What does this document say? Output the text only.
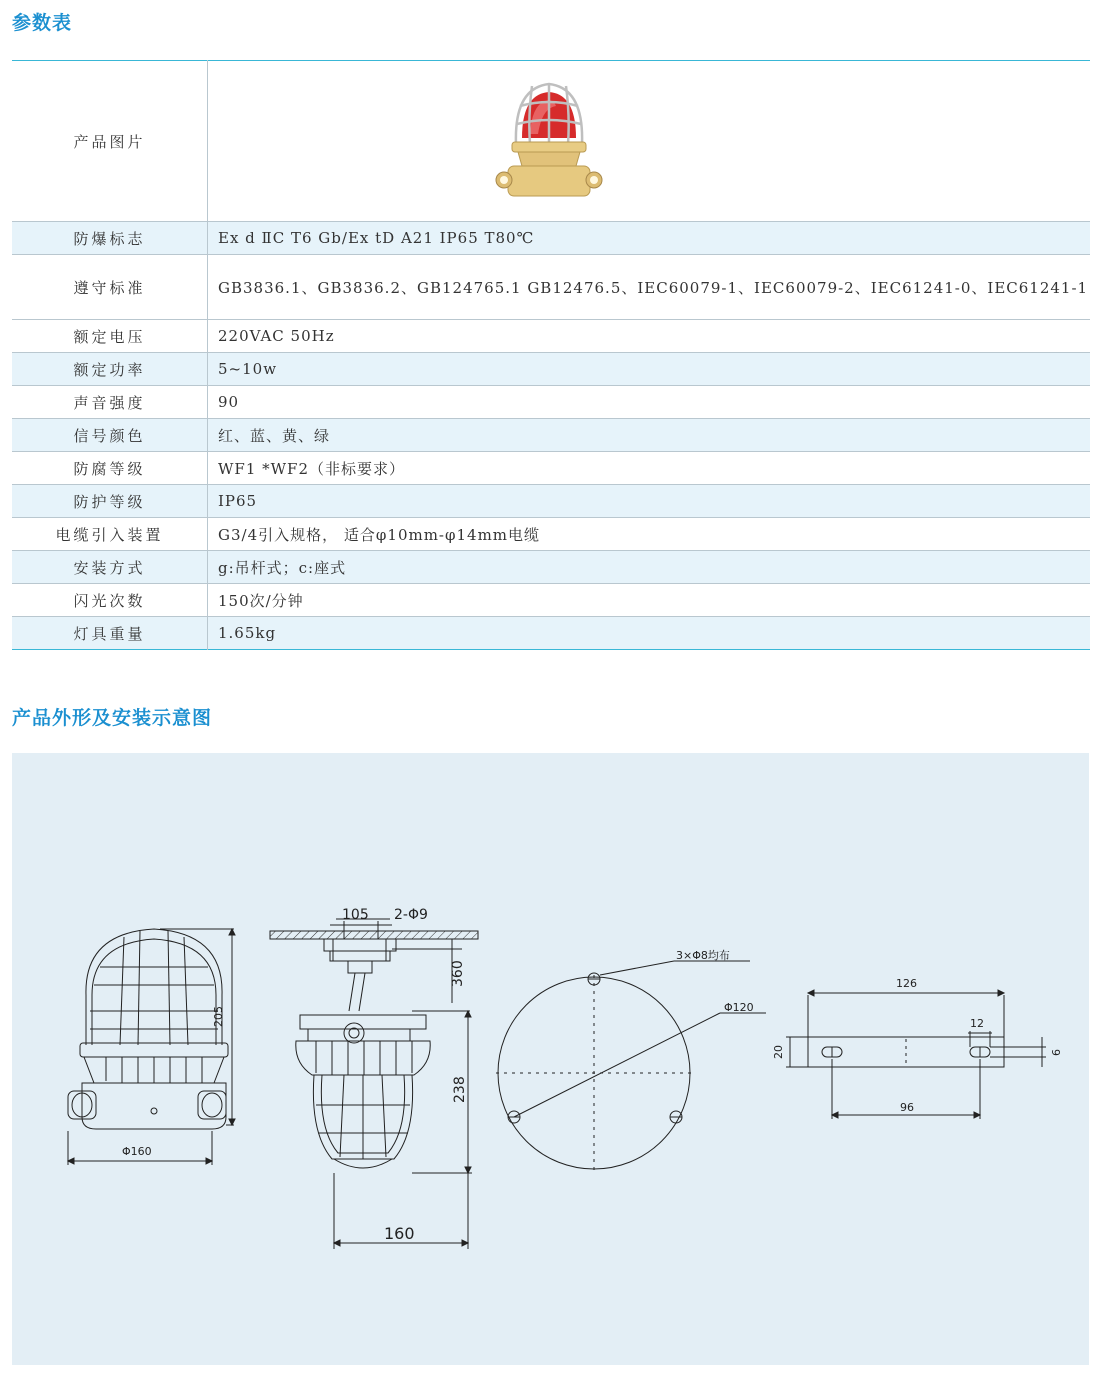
参数表
产品图片	
防爆标志	Ex d ⅡC T6 Gb/Ex tD A21 IP65 T80℃
遵守标准	GB3836.1、GB3836.2、GB124765.1 GB12476.5、IEC60079-1、IEC60079-2、IEC61241-0、IEC61241-1
额定电压	220VAC 50Hz
额定功率	5~10w
声音强度	90
信号颜色	红、蓝、黄、绿
防腐等级	WF1 *WF2（非标要求）
防护等级	IP65
电缆引入装置	G3/4引入规格， 适合φ10mm-φ14mm电缆
安装方式	g:吊杆式；c:座式
闪光次数	150次/分钟
灯具重量	1.65kg
产品外形及安装示意图
205
Φ160
105 2-Φ9
360
238
160
3×Φ8均布
Φ120
126
12
20	9
96
